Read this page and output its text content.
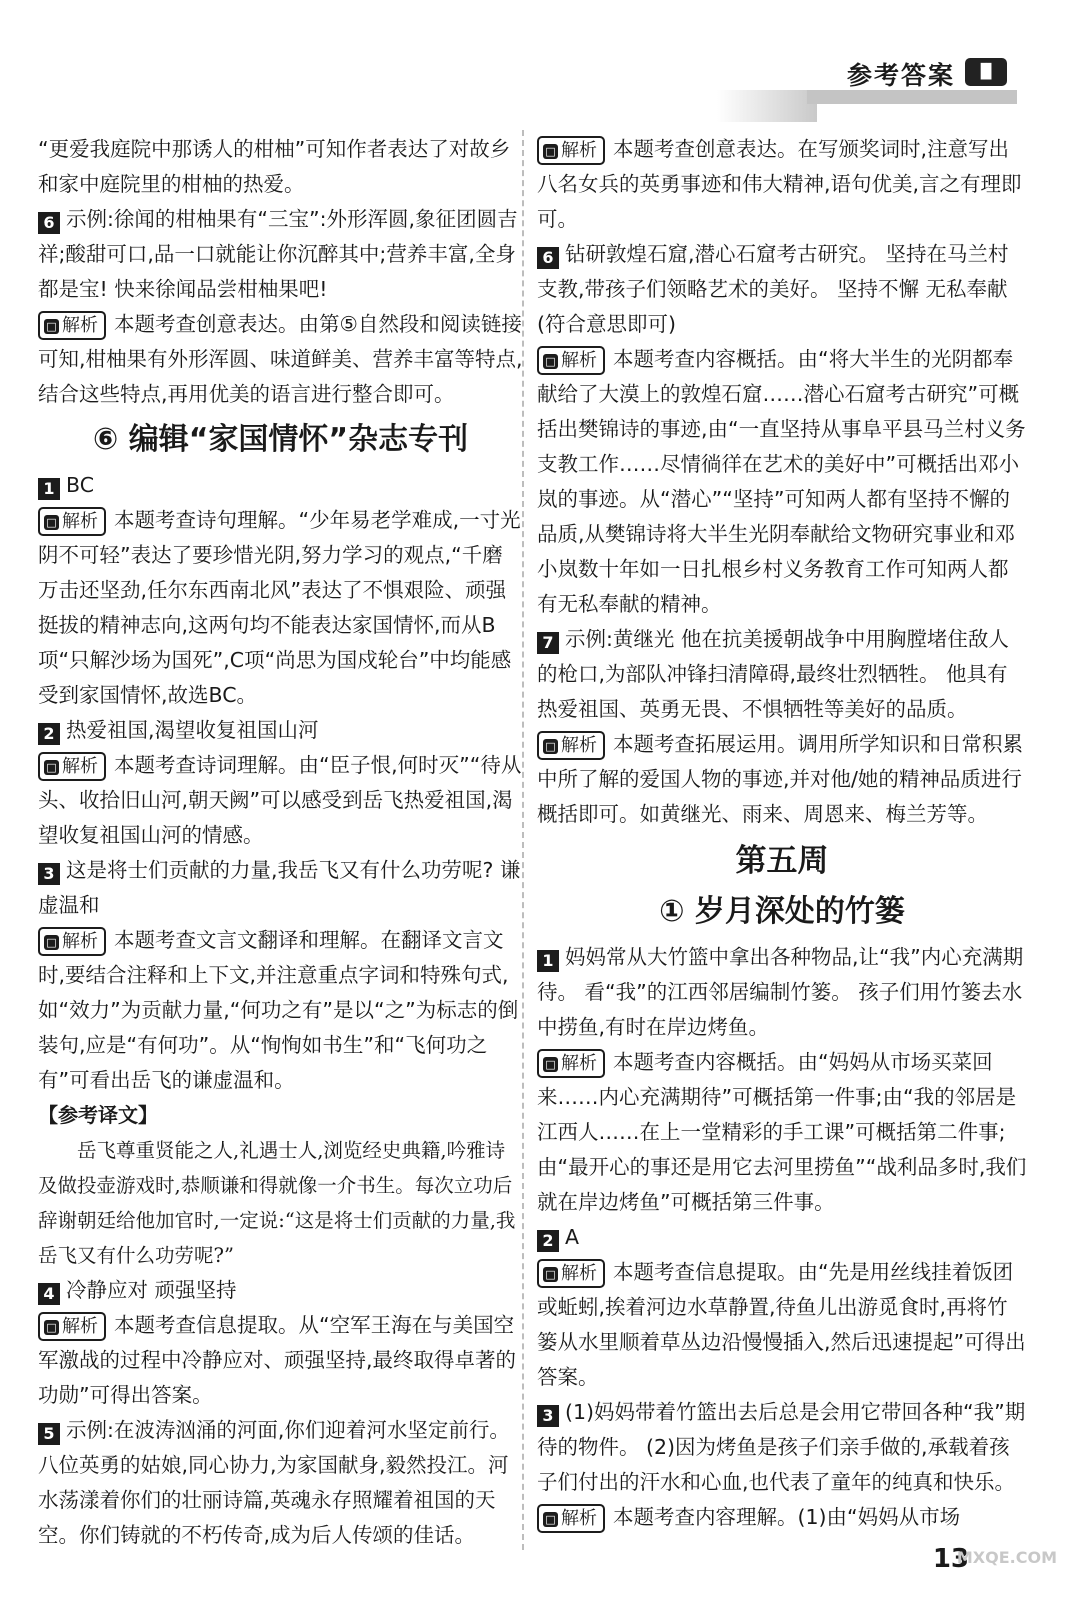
参考答案	▐▌

“更爱我庭院中那诱人的柑柚”可知作者表达了对故乡和家中庭院里的柑柚的热爱。

6 示例:徐闻的柑柚果有“三宝”:外形浑圆,象征团圆吉祥;酸甜可口,品一口就能让你沉醉其中;营养丰富,全身都是宝! 快来徐闻品尝柑柚果吧!

□ 解析 本题考查创意表达。由第⑤自然段和阅读链接可知,柑柚果有外形浑圆、味道鲜美、营养丰富等特点,结合这些特点,再用优美的语言进行整合即可。

⑥ 编辑“家国情怀”杂志专刊

1 BC

□ 解析 本题考查诗句理解。“少年易老学难成,一寸光阴不可轻”表达了要珍惜光阴,努力学习的观点,“千磨万击还坚劲,任尔东西南北风”表达了不惧艰险、顽强挺拔的精神志向,这两句均不能表达家国情怀,而从B项“只解沙场为国死”,C项“尚思为国戍轮台”中均能感受到家国情怀,故选BC。

2 热爱祖国,渴望收复祖国山河

□ 解析 本题考查诗词理解。由“臣子恨,何时灭”“待从头、收拾旧山河,朝天阙”可以感受到岳飞热爱祖国,渴望收复祖国山河的情感。

3 这是将士们贡献的力量,我岳飞又有什么功劳呢? 谦虚温和

□ 解析 本题考查文言文翻译和理解。在翻译文言文时,要结合注释和上下文,并注意重点字词和特殊句式,如“效力”为贡献力量,“何功之有”是以“之”为标志的倒装句,应是“有何功”。从“恂恂如书生”和“飞何功之有”可看出岳飞的谦虚温和。

【参考译文】

岳飞尊重贤能之人,礼遇士人,浏览经史典籍,吟雅诗及做投壶游戏时,恭顺谦和得就像一介书生。每次立功后辞谢朝廷给他加官时,一定说:“这是将士们贡献的力量,我岳飞又有什么功劳呢?”

4 冷静应对 顽强坚持

□ 解析 本题考查信息提取。从“空军王海在与美国空军激战的过程中冷静应对、顽强坚持,最终取得卓著的功勋”可得出答案。

5 示例:在波涛汹涌的河面,你们迎着河水坚定前行。八位英勇的姑娘,同心协力,为家国献身,毅然投江。河水荡漾着你们的壮丽诗篇,英魂永存照耀着祖国的天空。你们铸就的不朽传奇,成为后人传颂的佳话。

□ 解析 本题考查创意表达。在写颁奖词时,注意写出八名女兵的英勇事迹和伟大精神,语句优美,言之有理即可。

6 钻研敦煌石窟,潜心石窟考古研究。 坚持在马兰村支教,带孩子们领略艺术的美好。 坚持不懈 无私奉献(符合意思即可)

□ 解析 本题考查内容概括。由“将大半生的光阴都奉献给了大漠上的敦煌石窟……潜心石窟考古研究”可概括出樊锦诗的事迹,由“一直坚持从事阜平县马兰村义务支教工作……尽情徜徉在艺术的美好中”可概括出邓小岚的事迹。从“潜心”“坚持”可知两人都有坚持不懈的品质,从樊锦诗将大半生光阴奉献给文物研究事业和邓小岚数十年如一日扎根乡村义务教育工作可知两人都有无私奉献的精神。

7 示例:黄继光 他在抗美援朝战争中用胸膛堵住敌人的枪口,为部队冲锋扫清障碍,最终壮烈牺牲。 他具有热爱祖国、英勇无畏、不惧牺牲等美好的品质。

□ 解析 本题考查拓展运用。调用所学知识和日常积累中所了解的爱国人物的事迹,并对他/她的精神品质进行概括即可。如黄继光、雨来、周恩来、梅兰芳等。

第五周
① 岁月深处的竹篓

1 妈妈常从大竹篮中拿出各种物品,让“我”内心充满期待。 看“我”的江西邻居编制竹篓。 孩子们用竹篓去水中捞鱼,有时在岸边烤鱼。

□ 解析 本题考查内容概括。由“妈妈从市场买菜回来……内心充满期待”可概括第一件事;由“我的邻居是江西人……在上一堂精彩的手工课”可概括第二件事;由“最开心的事还是用它去河里捞鱼”“战利品多时,我们就在岸边烤鱼”可概括第三件事。

2 A

□ 解析 本题考查信息提取。由“先是用丝线挂着饭团或蚯蚓,挨着河边水草静置,待鱼儿出游觅食时,再将竹篓从水里顺着草丛边沿慢慢插入,然后迅速提起”可得出答案。

3 (1)妈妈带着竹篮出去后总是会用它带回各种“我”期待的物件。 (2)因为烤鱼是孩子们亲手做的,承载着孩子们付出的汗水和心血,也代表了童年的纯真和快乐。

□ 解析 本题考查内容理解。(1)由“妈妈从市场

13
MXQE.COM
